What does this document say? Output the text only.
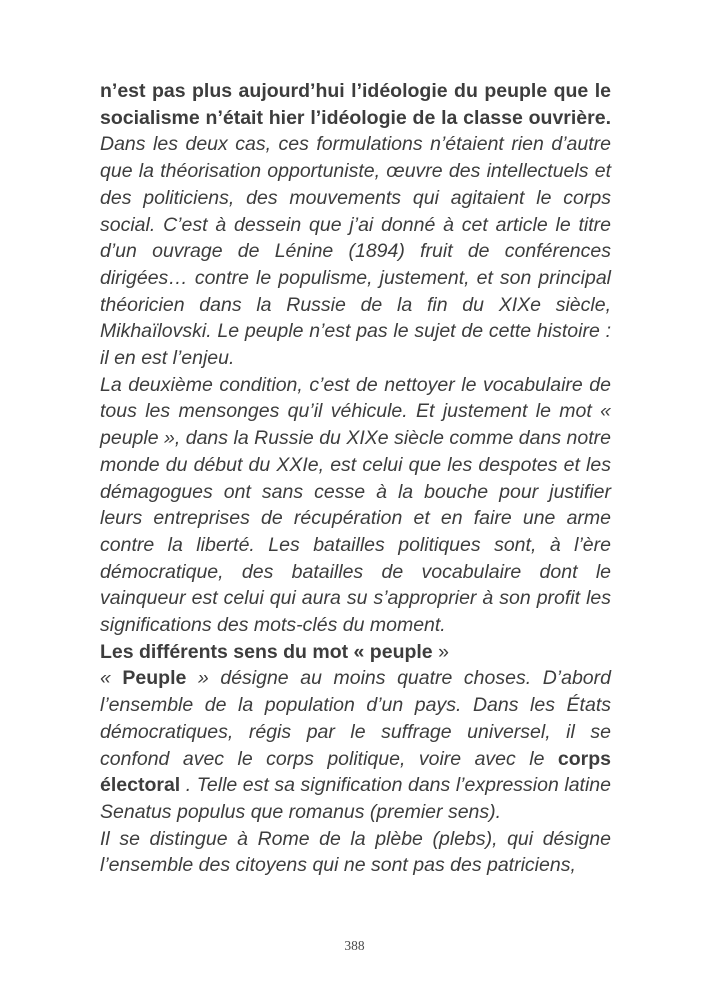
n’est pas plus aujourd’hui l’idéologie du peuple que le socialisme n’était hier l’idéologie de la classe ouvrière. Dans les deux cas, ces formulations n’étaient rien d’autre que la théorisation opportuniste, œuvre des intellectuels et des politiciens, des mouvements qui agitaient le corps social. C’est à dessein que j’ai donné à cet article le titre d’un ouvrage de Lénine (1894) fruit de conférences dirigées… contre le populisme, justement, et son principal théoricien dans la Russie de la fin du XIXe siècle, Mikhaïlovski. Le peuple n’est pas le sujet de cette histoire : il en est l’enjeu.

La deuxième condition, c’est de nettoyer le vocabulaire de tous les mensonges qu’il véhicule. Et justement le mot « peuple », dans la Russie du XIXe siècle comme dans notre monde du début du XXIe, est celui que les despotes et les démagogues ont sans cesse à la bouche pour justifier leurs entreprises de récupération et en faire une arme contre la liberté. Les batailles politiques sont, à l’ère démocratique, des batailles de vocabulaire dont le vainqueur est celui qui aura su s’approprier à son profit les significations des mots-clés du moment.

Les différents sens du mot « peuple »

« Peuple » désigne au moins quatre choses. D’abord l’ensemble de la population d’un pays. Dans les États démocratiques, régis par le suffrage universel, il se confond avec le corps politique, voire avec le corps électoral . Telle est sa signification dans l’expression latine Senatus populus que romanus (premier sens).

Il se distingue à Rome de la plèbe (plebs), qui désigne l’ensemble des citoyens qui ne sont pas des patriciens,

388
